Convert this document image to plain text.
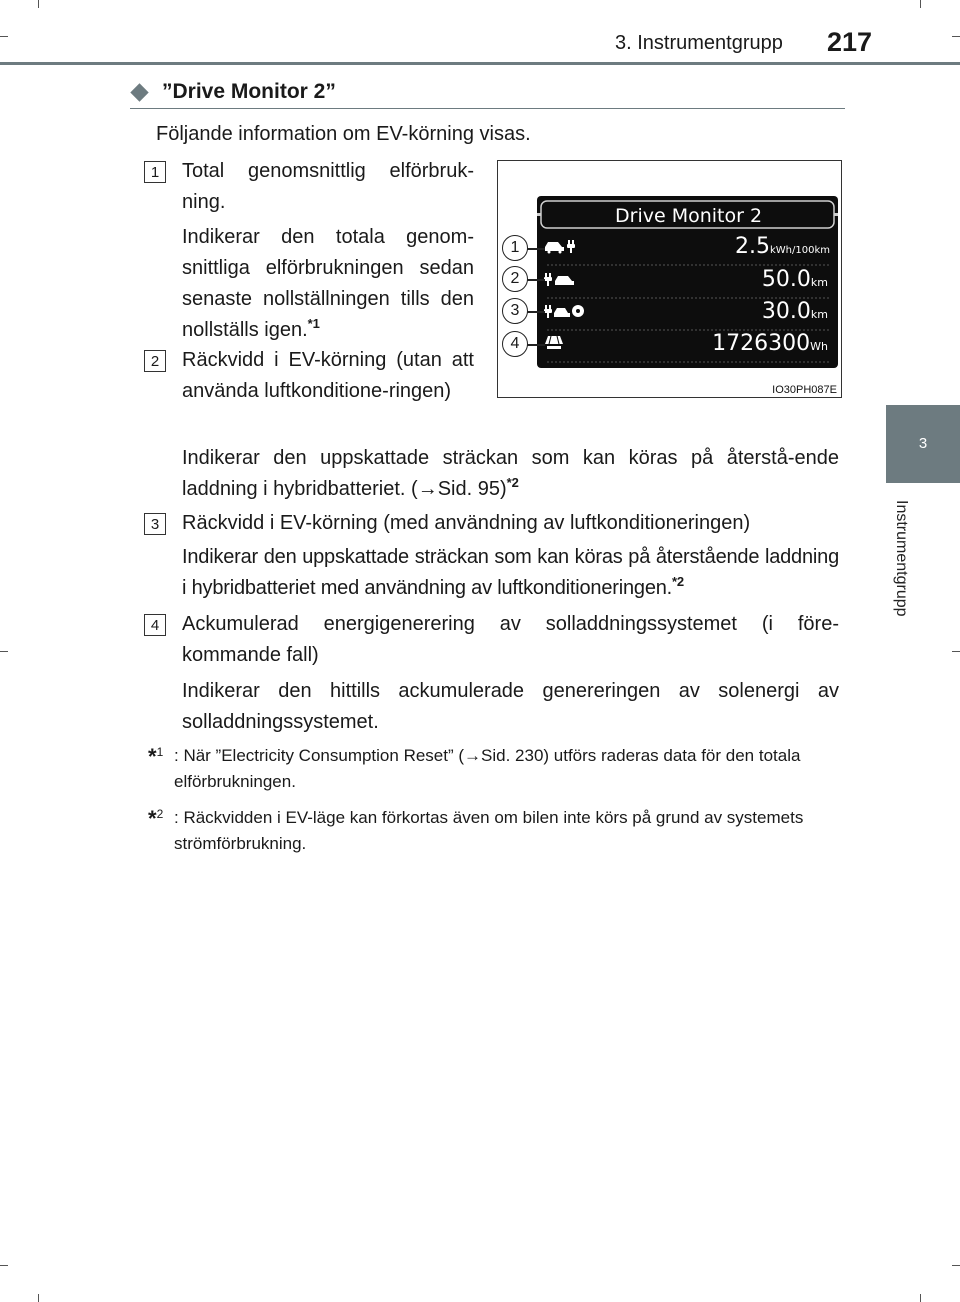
3. Instrumentgrupp 217
3
Instrumentgrupp
”Drive Monitor 2”
Följande information om EV-körning visas.
Drive Monitor 2
2.5kWh/100km
50.0km
30.0km
1726300Wh
1
2
3
4
IO30PH087E
1	Total genomsnittlig elförbruk-ning.
Indikerar den totala genom-snittliga elförbrukningen sedan senaste nollställningen tills den nollställs igen.$^{*1}$
2	Räckvidd i EV-körning (utan att använda luftkonditione-ringen)
Indikerar den uppskattade sträckan som kan köras på återstå-ende laddning i hybridbatteriet. (→Sid. 95)$^{*2}$
3	Räckvidd i EV-körning (med användning av luftkonditioneringen)
Indikerar den uppskattade sträckan som kan köras på återstående laddning i hybridbatteriet med användning av luftkonditioneringen.$^{*2}$
4	Ackumulerad energigenerering av solladdningssystemet (i före-kommande fall)
Indikerar den hittills ackumulerade genereringen av solenergi av solladdningssystemet.
*$^1$ : När ”Electricity Consumption Reset” (→Sid. 230) utförs raderas data för den totala elförbrukningen.
*$^2$ : Räckvidden i EV-läge kan förkortas även om bilen inte körs på grund av systemets strömförbrukning.
